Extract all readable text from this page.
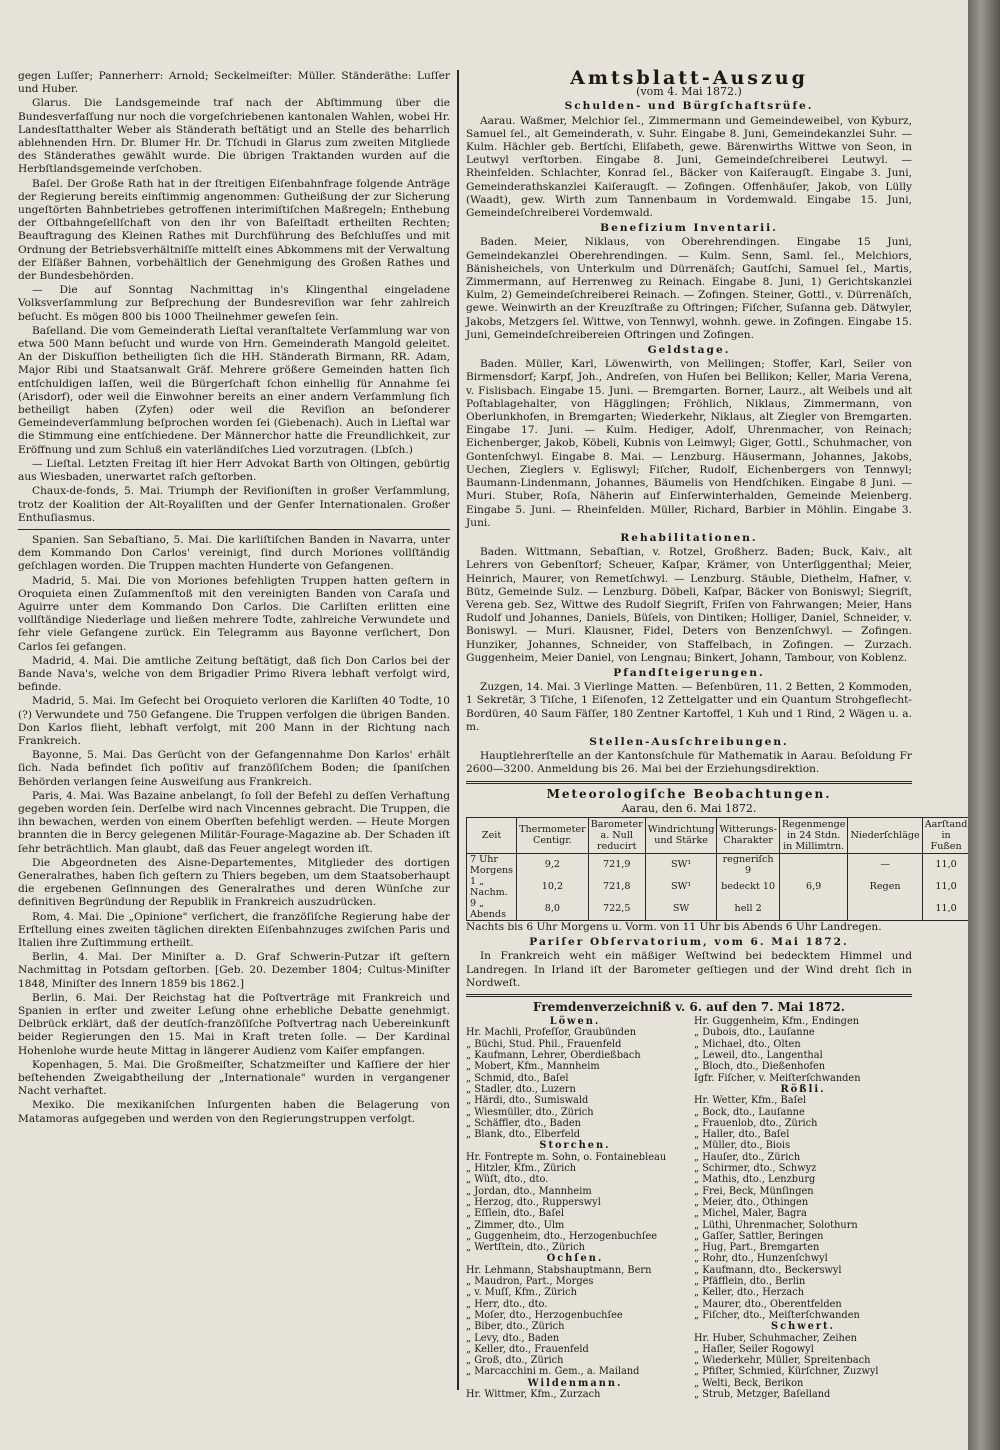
gegen Luſſer; Pannerherr: Arnold; Seckelmeiſter: Müller. Ständeräthe: Luſſer und Huber.

Glarus. Die Landsgemeinde traf nach der Abſtimmung über die Bundesverfaſſung nur noch die vorgeſchriebenen kantonalen Wahlen, wobei Hr. Landesſtatthalter Weber als Ständerath beſtätigt und an Stelle des beharrlich ablehnenden Hrn. Dr. Blumer Hr. Dr. Tſchudi in Glarus zum zweiten Mitgliede des Ständerathes gewählt wurde. Die übrigen Traktanden wurden auf die Herbſtlandsgemeinde verſchoben.

Baſel. Der Große Rath hat in der ſtreitigen Eiſenbahnfrage folgende Anträge der Regierung bereits einſtimmig angenommen: Gutheißung der zur Sicherung ungeſtörten Bahnbetriebes getroffenen interimiſtiſchen Maßregeln; Enthebung der Oſtbahngeſellſchaft von den ihr von Baſelſtadt ertheilten Rechten; Beauftragung des Kleinen Rathes mit Durchführung des Beſchluſſes und mit Ordnung der Betriebsverhältniſſe mittelſt eines Abkommens mit der Verwaltung der Elſäßer Bahnen, vorbehältlich der Genehmigung des Großen Rathes und der Bundesbehörden.

— Die auf Sonntag Nachmittag in's Klingenthal eingeladene Volksverſammlung zur Beſprechung der Bundesreviſion war ſehr zahlreich beſucht. Es mögen 800 bis 1000 Theilnehmer geweſen ſein.

Baſelland. Die vom Gemeinderath Lieſtal veranſtaltete Verſammlung war von etwa 500 Mann beſucht und wurde von Hrn. Gemeinderath Mangold geleitet. An der Diskuſſion betheiligten ſich die HH. Ständerath Birmann, RR. Adam, Major Ribi und Staatsanwalt Gräf. Mehrere größere Gemeinden hatten ſich entſchuldigen laſſen, weil die Bürgerſchaft ſchon einhellig für Annahme ſei (Arisdorf), oder weil die Einwohner bereits an einer andern Verſammlung ſich betheiligt haben (Zyfen) oder weil die Reviſion an beſonderer Gemeindeverſammlung beſprochen worden ſei (Giebenach). Auch in Lieſtal war die Stimmung eine entſchiedene. Der Männerchor hatte die Freundlichkeit, zur Eröffnung und zum Schluß ein vaterländiſches Lied vorzutragen. (Lbſch.)

— Lieſtal. Letzten Freitag iſt hier Herr Advokat Barth von Oltingen, gebürtig aus Wiesbaden, unerwartet raſch geſtorben.

Chaux-de-fonds, 5. Mai. Triumph der Reviſioniſten in großer Verſammlung, trotz der Koalition der Alt-Royaliſten und der Genfer Internationalen. Großer Enthuſiasmus.

Spanien. San Sebaſtiano, 5. Mai. Die karliſtiſchen Banden in Navarra, unter dem Kommando Don Carlos' vereinigt, ſind durch Moriones vollſtändig geſchlagen worden. Die Truppen machten Hunderte von Gefangenen.

Madrid, 5. Mai. Die von Moriones befehligten Truppen hatten geſtern in Oroquieta einen Zuſammenſtoß mit den vereinigten Banden von Caraſa und Aguirre unter dem Kommando Don Carlos. Die Carliſten erlitten eine vollſtändige Niederlage und ließen mehrere Todte, zahlreiche Verwundete und ſehr viele Gefangene zurück. Ein Telegramm aus Bayonne verſichert, Don Carlos ſei gefangen.

Madrid, 4. Mai. Die amtliche Zeitung beſtätigt, daß ſich Don Carlos bei der Bande Nava's, welche von dem Brigadier Primo Rivera lebhaft verfolgt wird, befinde.

Madrid, 5. Mai. Im Gefecht bei Oroquieto verloren die Karliſten 40 Todte, 10 (?) Verwundete und 750 Gefangene. Die Truppen verfolgen die übrigen Banden. Don Karlos flieht, lebhaft verfolgt, mit 200 Mann in der Richtung nach Frankreich.

Bayonne, 5. Mai. Das Gerücht von der Gefangennahme Don Karlos' erhält ſich. Nada befindet ſich poſitiv auf franzöſiſchem Boden; die ſpaniſchen Behörden verlangen ſeine Ausweiſung aus Frankreich.

Paris, 4. Mai. Was Bazaine anbelangt, ſo ſoll der Befehl zu deſſen Verhaftung gegeben worden ſein. Derſelbe wird nach Vincennes gebracht. Die Truppen, die ihn bewachen, werden von einem Oberſten befehligt werden. — Heute Morgen brannten die in Bercy gelegenen Militär-Fourage-Magazine ab. Der Schaden iſt ſehr beträchtlich. Man glaubt, daß das Feuer angelegt worden iſt.

Die Abgeordneten des Aisne-Departementes, Mitglieder des dortigen Generalrathes, haben ſich geſtern zu Thiers begeben, um dem Staatsoberhaupt die ergebenen Geſinnungen des Generalrathes und deren Wünſche zur definitiven Begründung der Republik in Frankreich auszudrücken.

Rom, 4. Mai. Die „Opinione" verſichert, die franzöſiſche Regierung habe der Erſtellung eines zweiten täglichen direkten Eiſenbahnzuges zwiſchen Paris und Italien ihre Zuſtimmung ertheilt.

Berlin, 4. Mai. Der Miniſter a. D. Graf Schwerin-Putzar iſt geſtern Nachmittag in Potsdam geſtorben. [Geb. 20. Dezember 1804; Cultus-Miniſter 1848, Miniſter des Innern 1859 bis 1862.]

Berlin, 6. Mai. Der Reichstag hat die Poſtverträge mit Frankreich und Spanien in erſter und zweiter Leſung ohne erhebliche Debatte genehmigt. Delbrück erklärt, daß der deutſch-franzöſiſche Poſtvertrag nach Uebereinkunft beider Regierungen den 15. Mai in Kraft treten ſolle. — Der Kardinal Hohenlohe wurde heute Mittag in längerer Audienz vom Kaiſer empfangen.

Kopenhagen, 5. Mai. Die Großmeiſter, Schatzmeiſter und Kaſſiere der hier beſtehenden Zweigabtheilung der „Internationale" wurden in vergangener Nacht verhaftet.

Mexiko. Die mexikaniſchen Inſurgenten haben die Belagerung von Matamoras aufgegeben und werden von den Regierungstruppen verfolgt.

Amtsblatt-Auszug
(vom 4. Mai 1872.)
Schulden- und Bürgſchaftsrüfe.

Aarau. Waßmer, Melchior ſel., Zimmermann und Gemeindeweibel, von Kyburz, Samuel ſel., alt Gemeinderath, v. Suhr. Eingabe 8. Juni, Gemeindekanzlei Suhr. — Kulm. Hächler geb. Bertſchi, Eliſabeth, gewe. Bärenwirths Wittwe von Seon, in Leutwyl verſtorben. Eingabe 8. Juni, Gemeindeſchreiberei Leutwyl. — Rheinfelden. Schlachter, Konrad ſel., Bäcker von Kaiſeraugſt. Eingabe 3. Juni, Gemeinderathskanzlei Kaiſeraugſt. — Zofingen. Offenhäuſer, Jakob, von Lülly (Waadt), gew. Wirth zum Tannenbaum in Vordemwald. Eingabe 15. Juni, Gemeindeſchreiberei Vordemwald.

Benefizium Inventarii.

Baden. Meier, Niklaus, von Oberehrendingen. Eingabe 15 Juni, Gemeindekanzlei Oberehrendingen. — Kulm. Senn, Saml. ſel., Melchiors, Bänisheichels, von Unterkulm und Dürrenäſch; Gautſchi, Samuel ſel., Martis, Zimmermann, auf Herrenweg zu Reinach. Eingabe 8. Juni, 1) Gerichtskanzlei Kulm, 2) Gemeindeſchreiberei Reinach. — Zofingen. Steiner, Gottl., v. Dürrenäſch, gewe. Weinwirth an der Kreuzſtraße zu Oftringen; Fiſcher, Suſanna geb. Dätwyler, Jakobs, Metzgers ſel. Wittwe, von Tennwyl, wohnh. gewe. in Zofingen. Eingabe 15. Juni, Gemeindeſchreibereien Oftringen und Zofingen.

Geldstage.

Baden. Müller, Karl, Löwenwirth, von Mellingen; Stoffer, Karl, Seiler von Birmensdorf; Karpf, Joh., Andreſen, von Huſen bei Bellikon; Keller, Maria Verena, v. Fislisbach. Eingabe 15. Juni. — Bremgarten. Borner, Laurz., alt Weibels und alt Poſtablagehalter, von Hägglingen; Fröhlich, Niklaus, Zimmermann, von Oberlunkhofen, in Bremgarten; Wiederkehr, Niklaus, alt Ziegler von Bremgarten. Eingabe 17. Juni. — Kulm. Hediger, Adolf, Uhrenmacher, von Reinach; Eichenberger, Jakob, Köbeli, Kubnis von Leimwyl; Giger, Gottl., Schuhmacher, von Gontenſchwyl. Eingabe 8. Mai. — Lenzburg. Häusermann, Johannes, Jakobs, Uechen, Zieglers v. Egliswyl; Fiſcher, Rudolf, Eichenbergers von Tennwyl; Baumann-Lindenmann, Johannes, Bäumelis von Hendſchiken. Eingabe 8 Juni. — Muri. Stuber, Roſa, Näherin auf Einſerwinterhalden, Gemeinde Meienberg. Eingabe 5. Juni. — Rheinfelden. Müller, Richard, Barbier in Möhlin. Eingabe 3. Juni.

Rehabilitationen.

Baden. Wittmann, Sebaſtian, v. Rotzel, Großherz. Baden; Buck, Kaiv., alt Lehrers von Gebenſtorf; Scheuer, Kaſpar, Krämer, von Unterſiggenthal; Meier, Heinrich, Maurer, von Remetſchwyl. — Lenzburg. Stäuble, Diethelm, Hafner, v. Bütz, Gemeinde Sulz. — Lenzburg. Döbeli, Kaſpar, Bäcker von Boniswyl; Siegriſt, Verena geb. Sez, Wittwe des Rudolf Siegriſt, Friſen von Fahrwangen; Meier, Hans Rudolf und Johannes, Daniels, Büſels, von Dintiken; Holliger, Daniel, Schneider, v. Boniswyl. — Muri. Klausner, Fidel, Deters von Benzenſchwyl. — Zofingen. Hunziker, Johannes, Schneider, von Staffelbach, in Zofingen. — Zurzach. Guggenheim, Meier Daniel, von Lengnau; Binkert, Johann, Tambour, von Koblenz.

Pfandſteigerungen.

Zuzgen, 14. Mai. 3 Vierlinge Matten. — Beſenbüren, 11. 2 Betten, 2 Kommoden, 1 Sekretär, 3 Tiſche, 1 Eiſenofen, 12 Zettelgatter und ein Quantum Strohgeflecht-Bordüren, 40 Saum Fäſſer, 180 Zentner Kartoffel, 1 Kuh und 1 Rind, 2 Wägen u. a. m.

Stellen-Ausſchreibungen.

Hauptlehrerſtelle an der Kantonsſchule für Mathematik in Aarau. Beſoldung Fr 2600—3200. Anmeldung bis 26. Mai bei der Erziehungsdirektion.

Meteorologiſche Beobachtungen.
Aarau, den 6. Mai 1872.
Zeit	Thermometer Centigr.	Barometer a. Null reducirt	Windrichtung und Stärke	Witterungs-Charakter	Regenmenge in 24 Stdn. in Millimtrn.	Niederſchläge	Aarſtand in Fußen
7 Uhr Morgens	9,2	721,9	SW¹	regneriſch 9		—	11,0
1 „ Nachm.	10,2	721,8	SW¹	bedeckt 10	6,9	Regen	11,0
9 „ Abends	8,0	722,5	SW	hell 2			11,0

Nachts bis 6 Uhr Morgens u. Vorm. von 11 Uhr bis Abends 6 Uhr Landregen.

Pariſer Obſervatorium, vom 6. Mai 1872.

In Frankreich weht ein mäßiger Weſtwind bei bedecktem Himmel und Landregen. In Irland iſt der Barometer geſtiegen und der Wind dreht ſich in Nordweſt.

Fremdenverzeichniß v. 6. auf den 7. Mai 1872.
Löwen.
Hr. Machli, Profeſſor, Graubünden
„ Büchi, Stud. Phil., Frauenfeld
„ Kaufmann, Lehrer, Oberdießbach
„ Mobert, Kfm., Mannheim
„ Schmid, dto., Baſel
„ Stadler, dto., Luzern
„ Härdi, dto., Sumiswald
„ Wiesmüller, dto., Zürich
„ Schäffler, dto., Baden
„ Blank, dto., Elberfeld
Storchen.
Hr. Fontrepte m. Sohn, o. Fontainebleau
„ Hitzler, Kfm., Zürich
„ Wüſt, dto., dto.
„ Jordan, dto., Mannheim
„ Herzog, dto., Rupperswyl
„ Eſſlein, dto., Baſel
„ Zimmer, dto., Ulm
„ Guggenheim, dto., Herzogenbuchſee
„ Wertſtein, dto., Zürich
Ochſen.
Hr. Lehmann, Stabshauptmann, Bern
„ Maudron, Part., Morges
„ v. Muſſ, Kfm., Zürich
„ Herr, dto., dto.
„ Moſer, dto., Herzogenbuchſee
„ Biber, dto., Zürich
„ Levy, dto., Baden
„ Keller, dto., Frauenfeld
„ Groß, dto., Zürich
„ Marcacchini m. Gem., a. Mailand
Wildenmann.
Hr. Wittmer, Kfm., Zurzach
Hr. Guggenheim, Kfm., Endingen
„ Dubois, dto., Lauſanne
„ Michael, dto., Olten
„ Leweil, dto., Langenthal
„ Bloch, dto., Dießenhofen
Igfr. Fiſcher, v. Meiſterſchwanden
Rößli.
Hr. Wetter, Kfm., Baſel
„ Bock, dto., Lauſanne
„ Frauenlob, dto., Zürich
„ Haller, dto., Baſel
„ Müller, dto., Biois
„ Hauſer, dto., Zürich
„ Schirmer, dto., Schwyz
„ Mathis, dto., Lenzburg
„ Frei, Beck, Münſingen
„ Meier, dto., Othingen
„ Michel, Maler, Bagra
„ Lüthi, Uhrenmacher, Solothurn
„ Gaſſer, Sattler, Beringen
„ Hug, Part., Bremgarten
„ Rohr, dto., Hunzenſchwyl
„ Kaufmann, dto., Beckerswyl
„ Pfäfflein, dto., Berlin
„ Keller, dto., Herzach
„ Maurer, dto., Oberentfelden
„ Fiſcher, dto., Meiſterſchwanden
Schwert.
Hr. Huber, Schuhmacher, Zeihen
„ Haſler, Seiler Rogowyl
„ Wiederkehr, Müller, Spreitenbach
„ Pfiſter, Schmied, Kürſchner, Zuzwyl
„ Welti, Beck, Berikon
„ Strub, Metzger, Baſelland
